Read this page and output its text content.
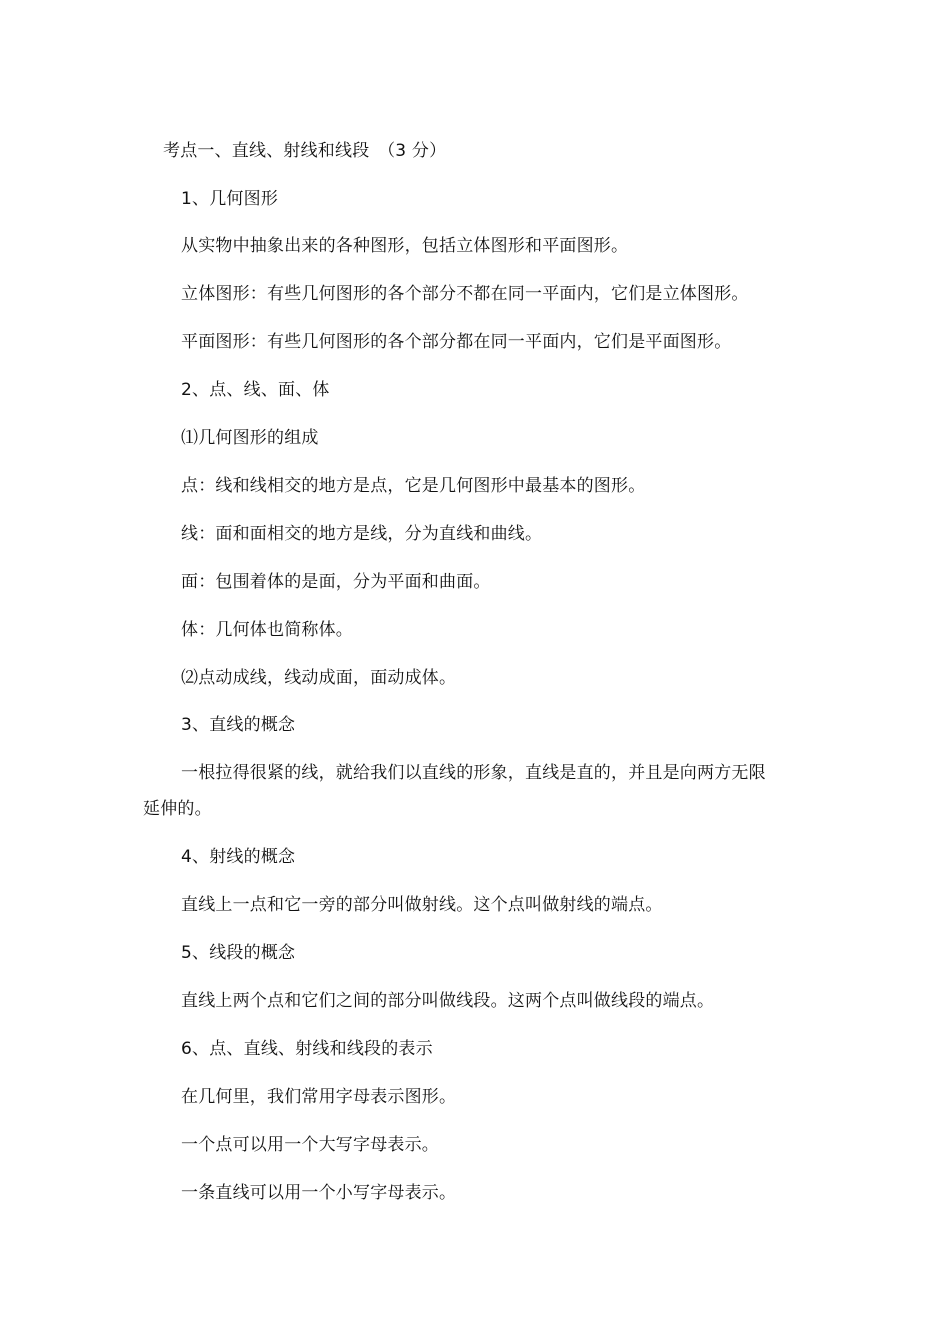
考点一、直线、射线和线段　（3 分）
1、几何图形
从实物中抽象出来的各种图形，包括立体图形和平面图形。
立体图形：有些几何图形的各个部分不都在同一平面内，它们是立体图形。
平面图形：有些几何图形的各个部分都在同一平面内，它们是平面图形。
2、点、线、面、体
⑴几何图形的组成
点：线和线相交的地方是点，它是几何图形中最基本的图形。
线：面和面相交的地方是线，分为直线和曲线。
面：包围着体的是面，分为平面和曲面。
体：几何体也简称体。
⑵点动成线，线动成面，面动成体。
3、直线的概念
一根拉得很紧的线，就给我们以直线的形象，直线是直的，并且是向两方无限
延伸的。
4、射线的概念
直线上一点和它一旁的部分叫做射线。这个点叫做射线的端点。
5、线段的概念
直线上两个点和它们之间的部分叫做线段。这两个点叫做线段的端点。
6、点、直线、射线和线段的表示
在几何里，我们常用字母表示图形。
一个点可以用一个大写字母表示。
一条直线可以用一个小写字母表示。
